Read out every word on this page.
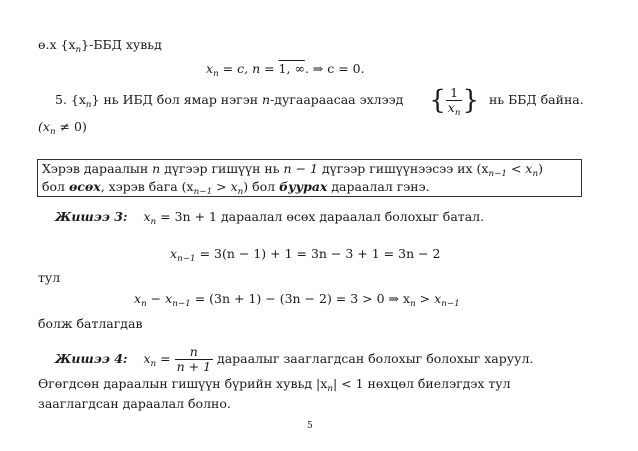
ө.х $\{x_n\}$-ББД хувьд
$x_n = c$, n = 1, ∞. ⇒ c = 0.
5. $\{x_n\}$ нь ИБД бол ямар нэгэн n-дугаараасаа эхлээд { $\frac{1}{x_n}$ } нь ББД байна.
$(x_n \ne 0)$
Хэрэв дараалын n дүгээр гишүүн нь n − 1 дүгээр гишүүнээсээ их $(x_{n-1} < x_n)$
бол өсөх, хэрэв бага $(x_{n-1} > x_n)$ бол буурах дараалал гэнэ.
Жишээ 3: $x_n = 3n + 1$ дараалал өсөх дараалал болохыг батал.
$x_{n-1} = 3(n - 1) + 1 = 3n - 3 + 1 = 3n - 2$
тул
$x_n - x_{n-1} = (3n + 1) - (3n - 2) = 3 > 0$ ⇒ $x_n > x_{n-1}$
болж батлагдав
Жишээ 4: $x_n = \frac{n}{n + 1}$ дараалыг зааглагдсан болохыг болохыг харуул.
Өгөгдсөн дараалын гишүүн бүрийн хувьд $|x_n| < 1$ нөхцөл биелэгдэх тул
зааглагдсан дараалал болно.
5
